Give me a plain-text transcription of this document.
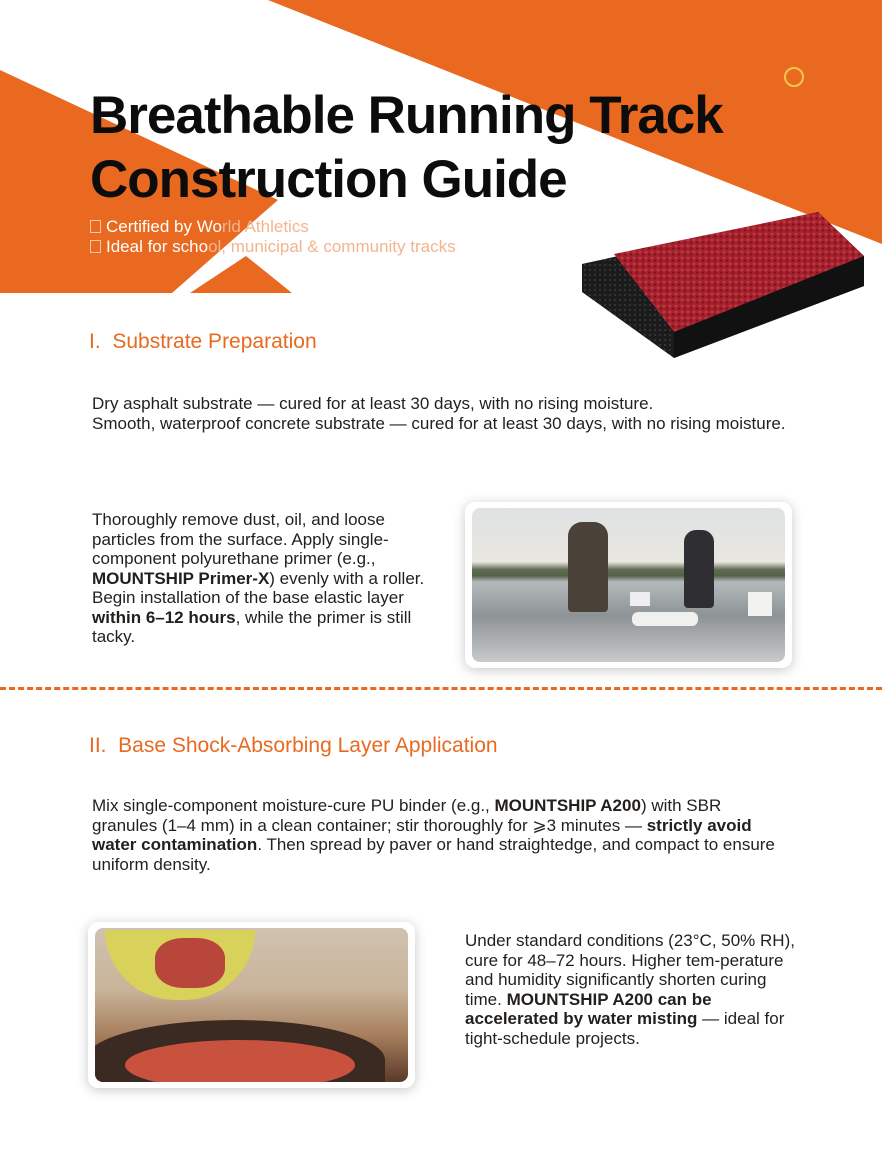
Breathable Running Track
Construction Guide
Certified by World Athletics
Ideal for school, municipal & community tracks
I.  Substrate Preparation
Dry asphalt substrate — cured for at least 30 days, with no rising moisture.
Smooth, waterproof concrete substrate — cured for at least 30 days, with no rising moisture.

Thoroughly remove dust, oil, and loose particles from the surface. Apply single-component polyurethane primer (e.g., MOUNTSHIP Primer-X) evenly with a roller. Begin installation of the base elastic layer within 6–12 hours, while the primer is still tacky.

II.  Base Shock-Absorbing Layer Application

Mix single-component moisture-cure PU binder (e.g., MOUNTSHIP A200) with SBR granules (1–4 mm) in a clean container; stir thoroughly for ⩾3 minutes — strictly avoid water contamination. Then spread by paver or hand straightedge, and compact to ensure uniform density.

Under standard conditions (23°C, 50% RH), cure for 48–72 hours. Higher tem-perature and humidity significantly shorten curing time. MOUNTSHIP A200 can be accelerated by water misting — ideal for tight-schedule projects.
